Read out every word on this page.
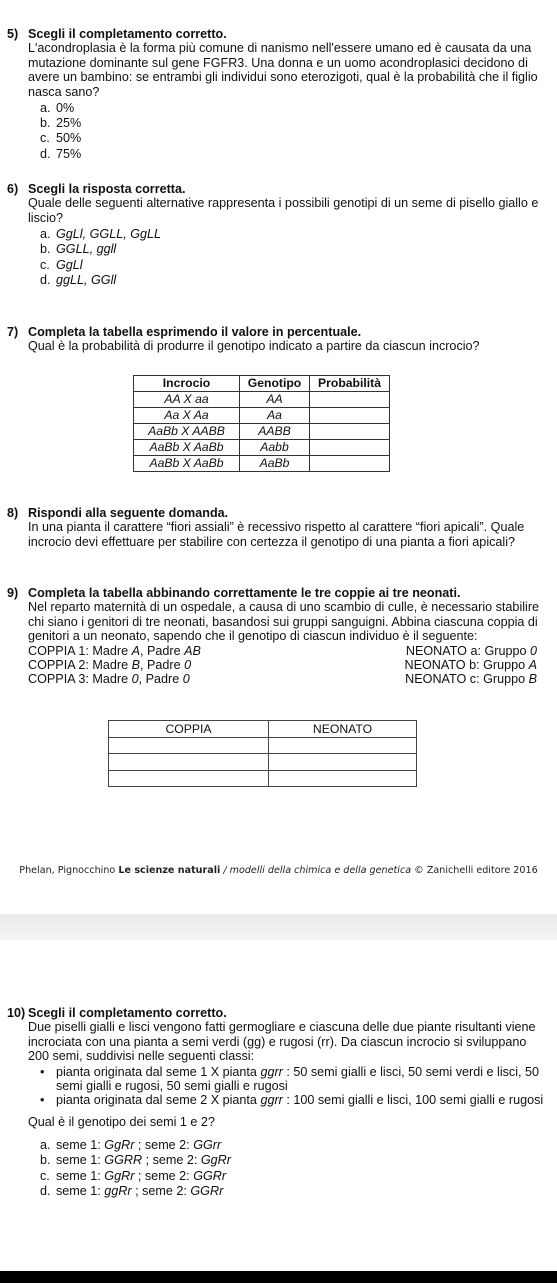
5) Scegli il completamento corretto.
L'acondroplasia è la forma più comune di nanismo nell'essere umano ed è causata da una mutazione dominante sul gene FGFR3. Una donna e un uomo acondroplasici decidono di avere un bambino: se entrambi gli individui sono eterozigoti, qual è la probabilità che il figlio nasca sano?
a. 0%
b. 25%
c. 50%
d. 75%
6) Scegli la risposta corretta.
Quale delle seguenti alternative rappresenta i possibili genotipi di un seme di pisello giallo e liscio?
a. GgLl, GGLL, GgLL
b. GGLL, ggll
c. GgLl
d. ggLL, GGll
7) Completa la tabella esprimendo il valore in percentuale.
Qual è la probabilità di produrre il genotipo indicato a partire da ciascun incrocio?
Incrocio	Genotipo	Probabilità
AA X aa	AA	
Aa X Aa	Aa	
AaBb X AABB	AABB	
AaBb X AaBb	Aabb	
AaBb X AaBb	AaBb	
8) Rispondi alla seguente domanda.
In una pianta il carattere “fiori assiali” è recessivo rispetto al carattere “fiori apicali”. Quale incrocio devi effettuare per stabilire con certezza il genotipo di una pianta a fiori apicali?
9) Completa la tabella abbinando correttamente le tre coppie ai tre neonati.
Nel reparto maternità di un ospedale, a causa di uno scambio di culle, è necessario stabilire chi siano i genitori di tre neonati, basandosi sui gruppi sanguigni. Abbina ciascuna coppia di genitori a un neonato, sapendo che il genotipo di ciascun individuo è il seguente:
COPPIA 1: Madre A, Padre AB	NEONATO a: Gruppo 0
COPPIA 2: Madre B, Padre 0	NEONATO b: Gruppo A
COPPIA 3: Madre 0, Padre 0	NEONATO c: Gruppo B
COPPIA	NEONATO

Phelan, Pignocchino Le scienze naturali / modelli della chimica e della genetica © Zanichelli editore 2016
10) Scegli il completamento corretto.
Due piselli gialli e lisci vengono fatti germogliare e ciascuna delle due piante risultanti viene incrociata con una pianta a semi verdi (gg) e rugosi (rr). Da ciascun incrocio si sviluppano 200 semi, suddivisi nelle seguenti classi:
• pianta originata dal seme 1 X pianta ggrr : 50 semi gialli e lisci, 50 semi verdi e lisci, 50 semi gialli e rugosi, 50 semi gialli e rugosi
• pianta originata dal seme 2 X pianta ggrr : 100 semi gialli e lisci, 100 semi gialli e rugosi
Qual è il genotipo dei semi 1 e 2?
a. seme 1: GgRr ; seme 2: GGrr
b. seme 1: GGRR ; seme 2: GgRr
c. seme 1: GgRr ; seme 2: GGRr
d. seme 1: ggRr ; seme 2: GGRr
